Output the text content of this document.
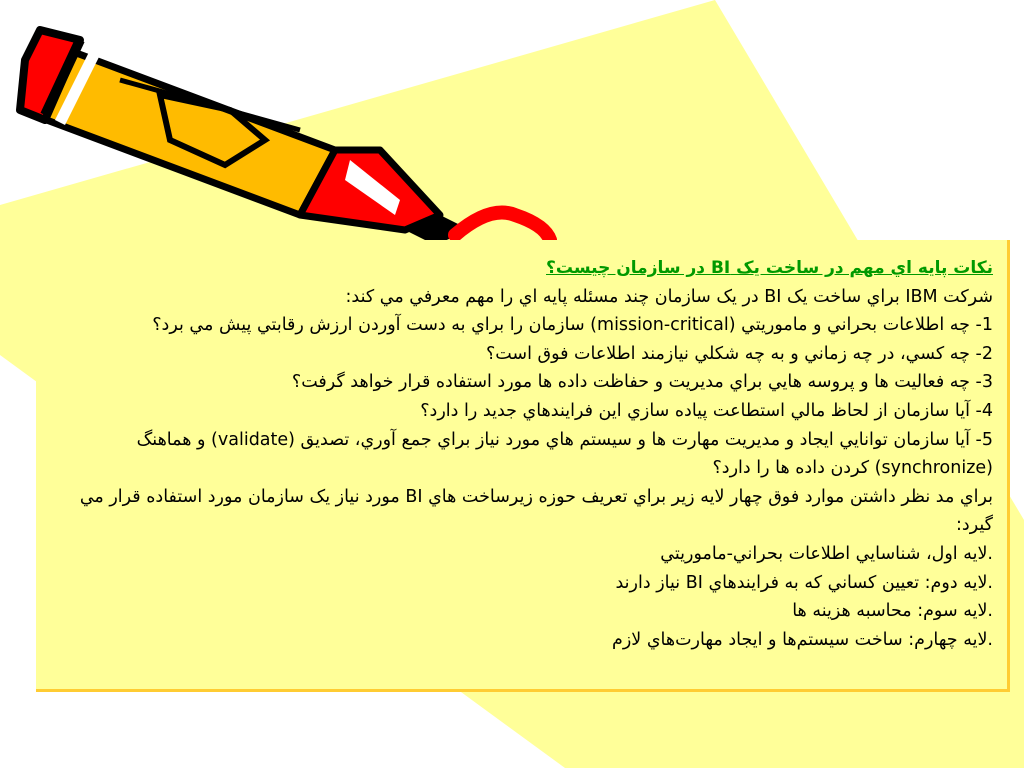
نكات پايه اي مهم در ساخت يک BI در سازمان چيست؟

شركت IBM براي ساخت يک BI در يک سازمان چند مسئله پايه اي را مهم معرفي مي كند:

1- چه اطلاعات بحراني و ماموريتي (mission-critical) سازمان را براي به دست آوردن ارزش رقابتي پيش مي برد؟

2- چه كسي، در چه زماني و به چه شكلي نيازمند اطلاعات فوق است؟

3- چه فعاليت ها و پروسه هايي براي مديريت و حفاظت داده ها مورد استفاده قرار خواهد گرفت؟

4- آيا سازمان از لحاظ مالي استطاعت پياده سازي اين فرايندهاي جديد را دارد؟

5- آيا سازمان توانايي ايجاد و مديريت مهارت ها و سيستم هاي مورد نياز براي جمع آوري، تصديق (validate) و هماهنگ (synchronize) كردن داده ها را دارد؟

براي مد نظر داشتن موارد فوق چهار لايه زير براي تعريف حوزه زيرساخت هاي BI مورد نياز يک سازمان مورد استفاده قرار مي گيرد:

.لايه اول، شناسايي اطلاعات بحراني-ماموريتي

.لايه دوم: تعيين كساني كه به فرايندهاي BI نياز دارند

.لايه سوم: محاسبه هزينه ها

.لايه چهارم: ساخت سيستم‌ها و ايجاد مهارت‌هاي لازم
